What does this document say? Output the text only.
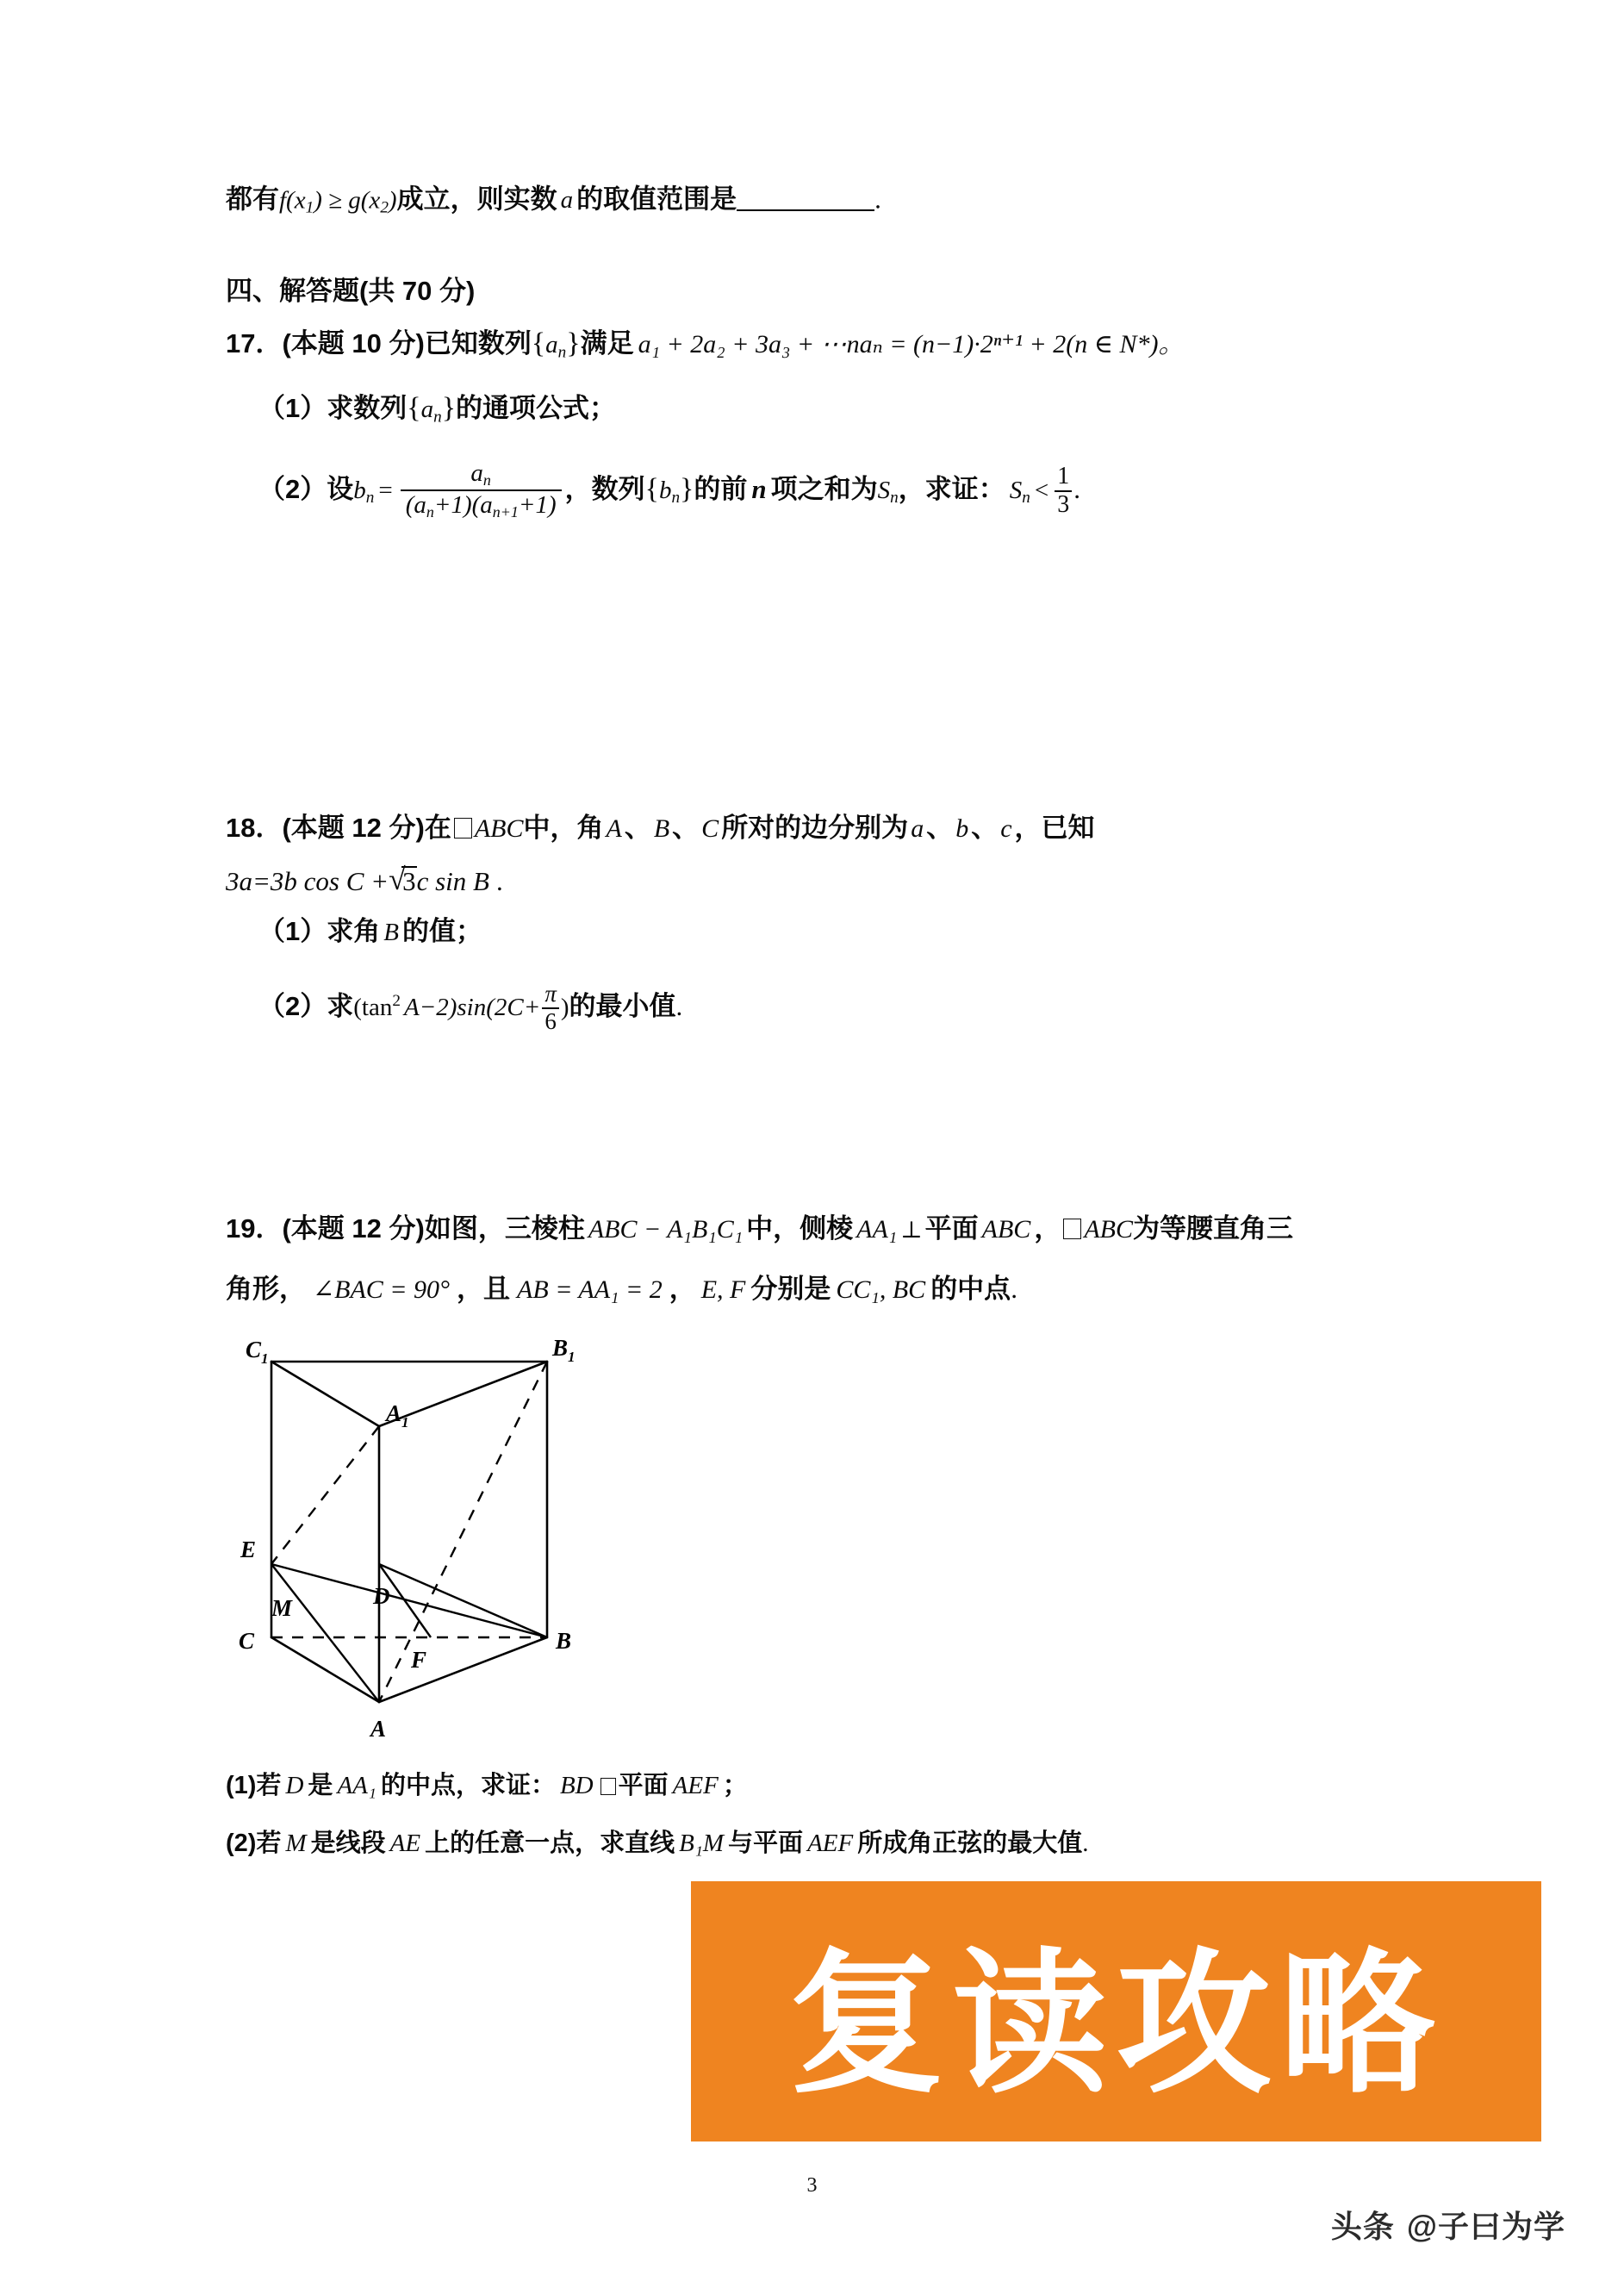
都有$f(x_1) \ge g(x_2)$成立，则实数 a 的取值范围是	.
四、解答题(共 70 分)
17．(本题 10 分)已知数列$\{a_n\}$满足 a₁ + 2a₂ + 3a₃ + ⋯naₙ = (n−1)·2ⁿ⁺¹ + 2(n ∈ N*)。
（1）求数列$\{a_n\}$的通项公式；
（2）设$b_n = \frac{a_n}{(a_n+1)(a_{n+1}+1)}$ ，数列$\{b_n\}$的前 n 项之和为$S_n$，求证： $S_n < \frac{1}{3}$ .
18．(本题 12 分)在 ABC中，角 A、 B、 C所对的边分别为 a、 b、 c，已知
3a=3b cos C + √ 3c sin B .
（1）求角 B 的值；
（2）求($\tan^2$ $A-2)\sin(2C+ \frac{\pi}{6}$ )的最小值.
19．(本题 12 分)如图，三棱柱 ABC − A₁B₁C₁ 中，侧棱 AA₁ ⊥平面 ABC ， ABC为等腰直角三
角形， ∠BAC = 90° ，且 AB = AA₁ = 2 ， E, F 分别是 CC₁, BC 的中点.
$C_1$	$B_1$
$A_1$
E
M	D
C
F
B
A
(1)若 D 是 AA₁ 的中点，求证： BD 平面 AEF ；
(2)若 M 是线段 AE 上的任意一点，求直线 B₁M 与平面 AEF 所成角正弦的最大值.
复读攻略
3
头条 @子曰为学
